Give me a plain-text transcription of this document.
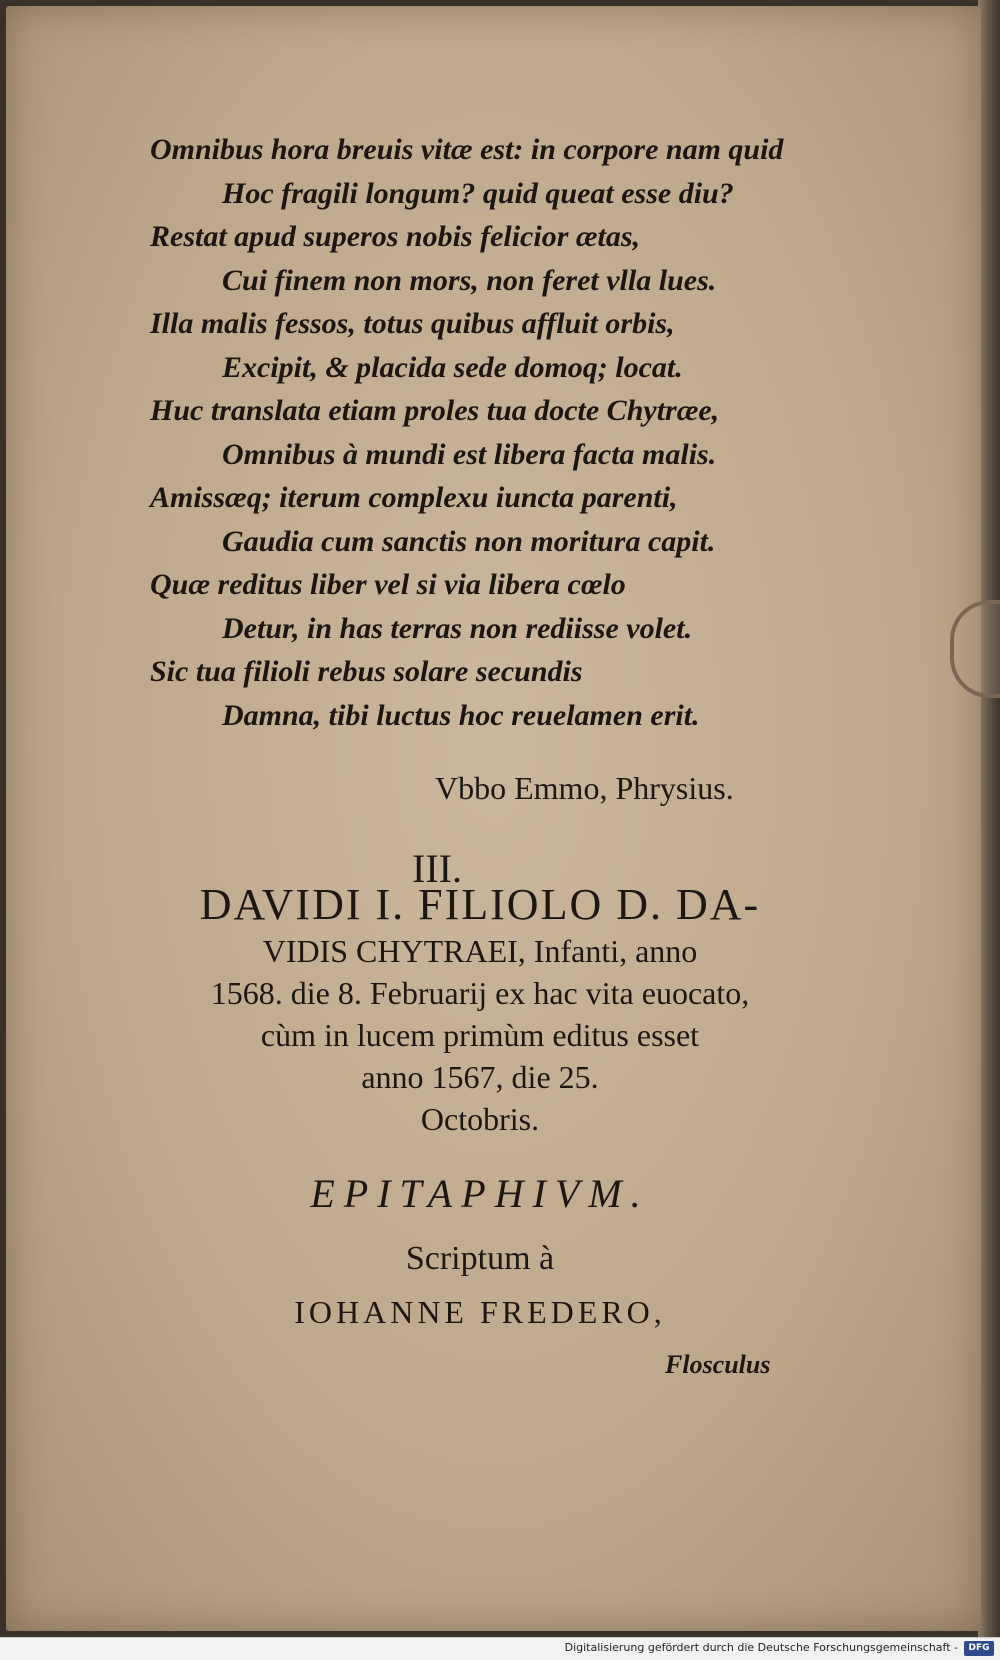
Omnibus hora breuis vitæ est: in corpore nam quid
Hoc fragili longum? quid queat esse diu?
Restat apud superos nobis felicior ætas,
Cui finem non mors, non feret vlla lues.
Illa malis fessos, totus quibus affluit orbis,
Excipit, & placida sede domoq; locat.
Huc translata etiam proles tua docte Chytræe,
Omnibus à mundi est libera facta malis.
Amissæq; iterum complexu iuncta parenti,
Gaudia cum sanctis non moritura capit.
Quæ reditus liber vel si via libera cœlo
Detur, in has terras non rediisse volet.
Sic tua filioli rebus solare secundis
Damna, tibi luctus hoc reuelamen erit.
Vbbo Emmo, Phrysius.
III.
DAVIDI I. FILIOLO D. DA-
VIDIS CHYTRAEI, Infanti, anno
1568. die 8. Februarij ex hac vita euocato,
cùm in lucem primùm editus esset
anno 1567, die 25.
Octobris.
EPITAPHIVM.
Scriptum à
IOHANNE FREDERO,
Flosculus
Digitalisierung gefördert durch die Deutsche Forschungsgemeinschaft -	DFG
